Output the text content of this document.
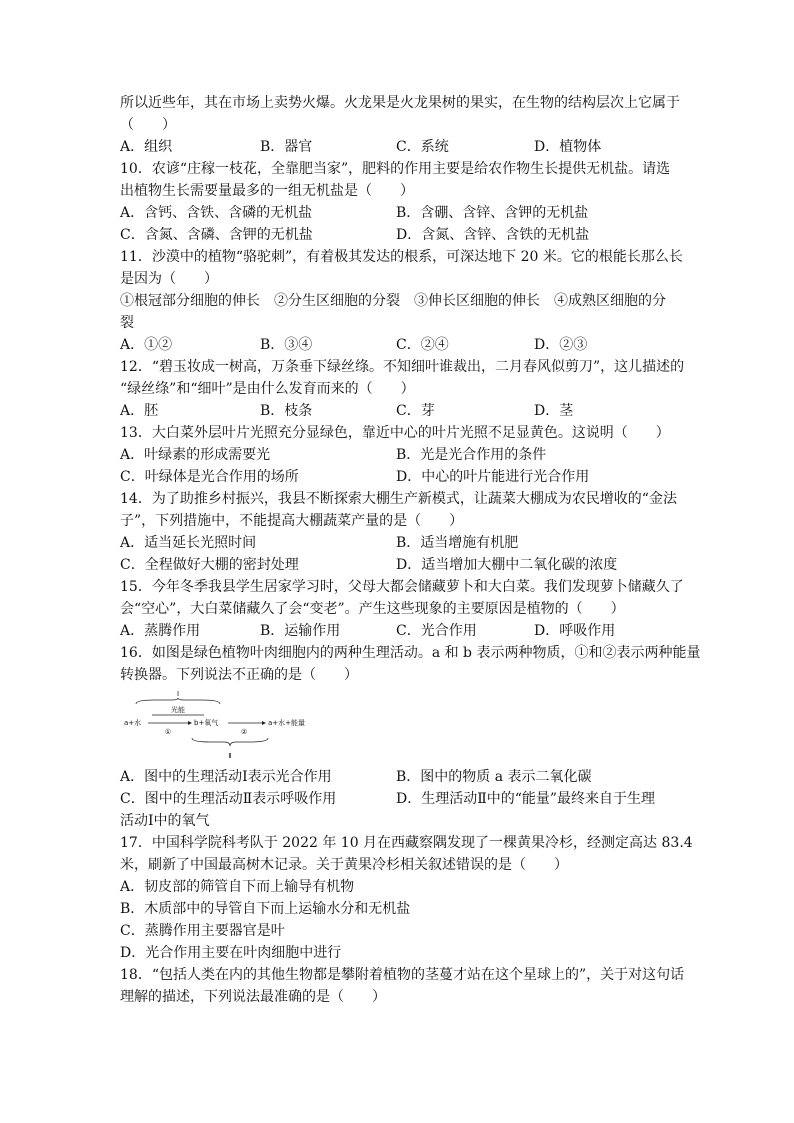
所以近些年，其在市场上卖势火爆。火龙果是火龙果树的果实，在生物的结构层次上它属于
（　　）
A．组织	B．器官	C．系统	D．植物体
10．农谚“庄稼一枝花，全靠肥当家”，肥料的作用主要是给农作物生长提供无机盐。请选
出植物生长需要量最多的一组无机盐是（　　）
A．含钙、含铁、含磷的无机盐	B．含硼、含锌、含钾的无机盐
C．含氮、含磷、含钾的无机盐	D．含氮、含锌、含铁的无机盐
11．沙漠中的植物“骆驼刺”，有着极其发达的根系，可深达地下 20 米。它的根能长那么长
是因为（　　）
①根冠部分细胞的伸长　②分生区细胞的分裂　③伸长区细胞的伸长　④成熟区细胞的分
裂
A．①②	B．③④	C．②④	D．②③
12．“碧玉妆成一树高，万条垂下绿丝绦。不知细叶谁裁出，二月春风似剪刀”，这儿描述的
“绿丝绦”和“细叶”是由什么发育而来的（　　）
A．胚	B．枝条	C．芽	D．茎
13．大白菜外层叶片光照充分显绿色，靠近中心的叶片光照不足显黄色。这说明（　　）
A．叶绿素的形成需要光	B．光是光合作用的条件
C．叶绿体是光合作用的场所	D．中心的叶片能进行光合作用
14．为了助推乡村振兴，我县不断探索大棚生产新模式，让蔬菜大棚成为农民增收的“金法
子”，下列措施中，不能提高大棚蔬菜产量的是（　　）
A．适当延长光照时间	B．适当增施有机肥
C．全程做好大棚的密封处理	D．适当增加大棚中二氧化碳的浓度
15．今年冬季我县学生居家学习时，父母大都会储藏萝卜和大白菜。我们发现萝卜储藏久了
会“空心”，大白菜储藏久了会“变老”。产生这些现象的主要原因是植物的（　　）
A．蒸腾作用	B．运输作用	C．光合作用	D．呼吸作用
16．如图是绿色植物叶肉细胞内的两种生理活动。a 和 b 表示两种物质，①和②表示两种能量
转换器。下列说法不正确的是（　　）
Ⅰ
光能
a+水
①
b+氧气
②
a+水+能量
Ⅱ
A．图中的生理活动Ⅰ表示光合作用	B．图中的物质 a 表示二氧化碳
C．图中的生理活动Ⅱ表示呼吸作用	D．生理活动Ⅱ中的“能量”最终来自于生理
活动Ⅰ中的氧气
17．中国科学院科考队于 2022 年 10 月在西藏察隅发现了一棵黄果冷杉，经测定高达 83.4
米，刷新了中国最高树木记录。关于黄果冷杉相关叙述错误的是（　　）
A．韧皮部的筛管自下而上输导有机物
B．木质部中的导管自下而上运输水分和无机盐
C．蒸腾作用主要器官是叶
D．光合作用主要在叶肉细胞中进行
18．“包括人类在内的其他生物都是攀附着植物的茎蔓才站在这个星球上的”，关于对这句话
理解的描述，下列说法最准确的是（　　）
